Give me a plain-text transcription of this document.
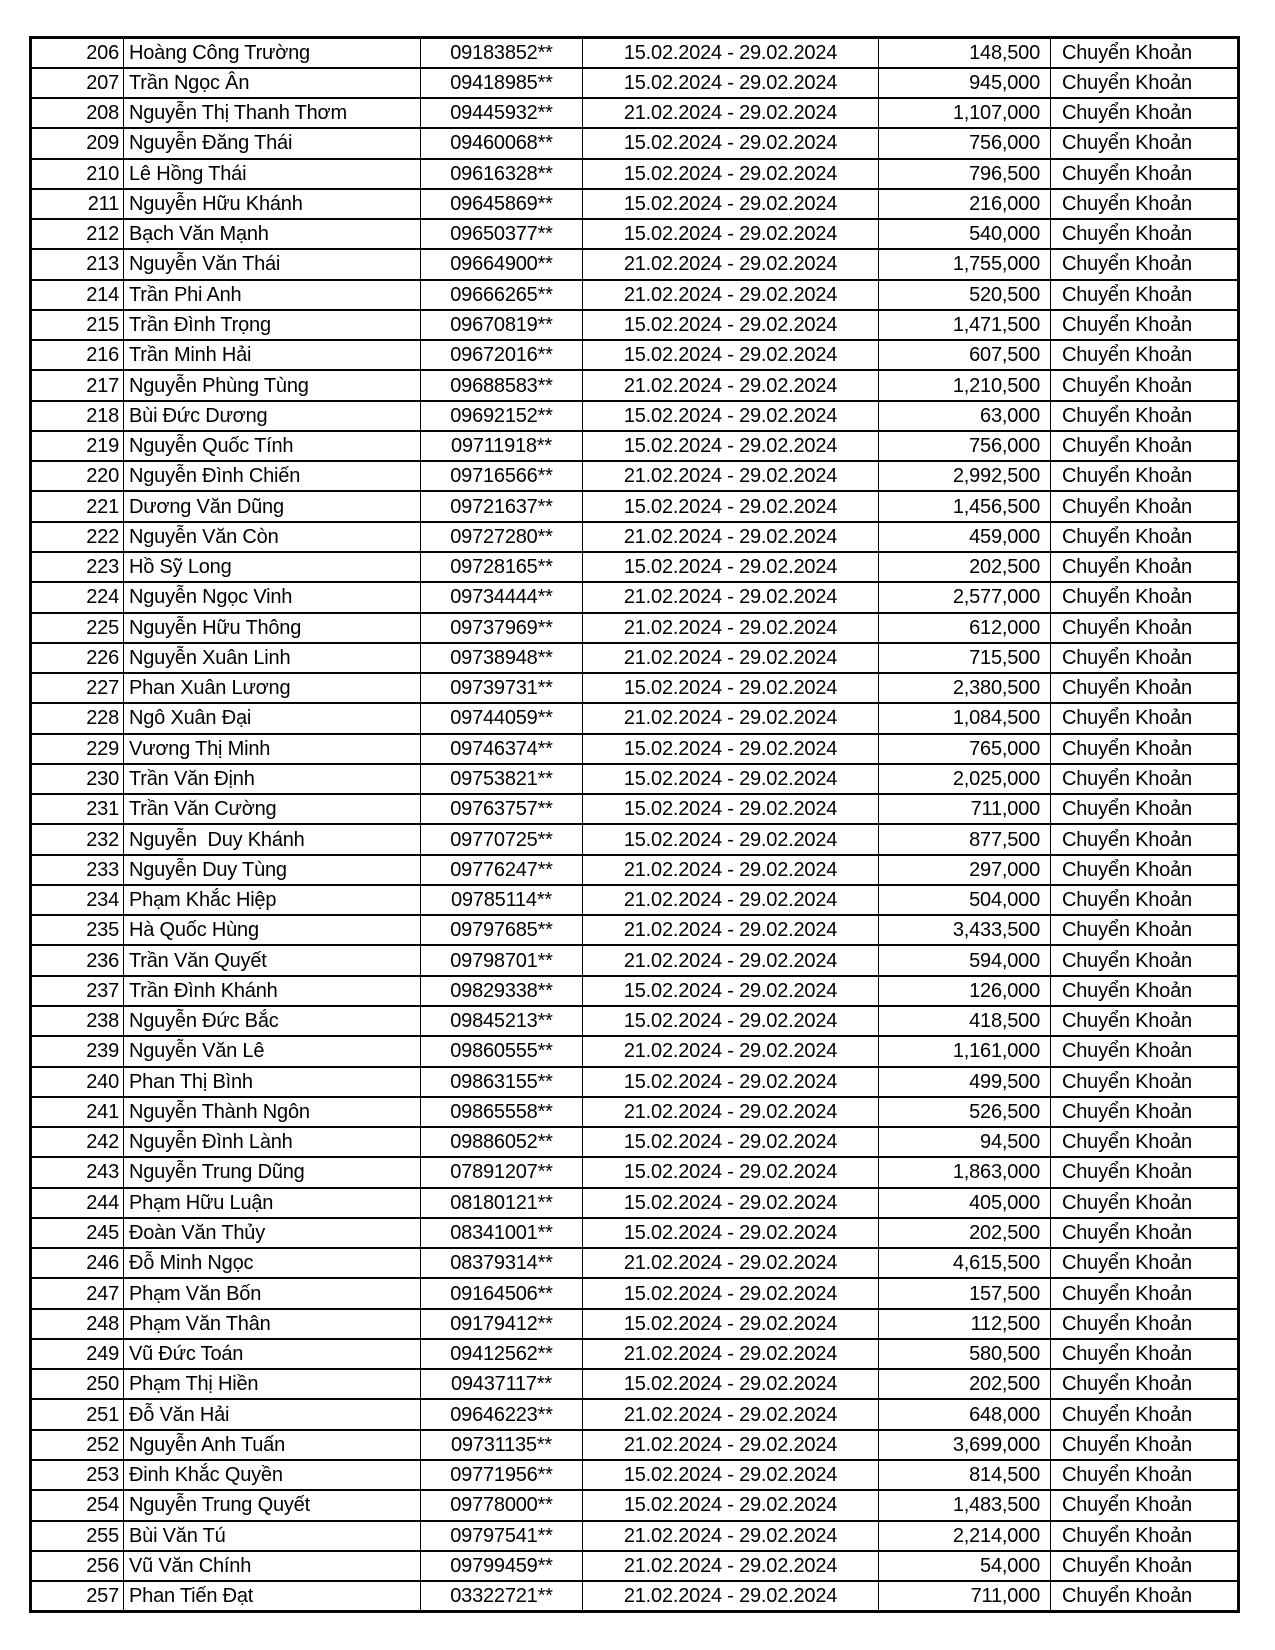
206	Hoàng Công Trường	09183852**	15.02.2024 - 29.02.2024	148,500	Chuyển Khoản
207	Trần Ngọc Ân	09418985**	15.02.2024 - 29.02.2024	945,000	Chuyển Khoản
208	Nguyễn Thị Thanh Thơm	09445932**	21.02.2024 - 29.02.2024	1,107,000	Chuyển Khoản
209	Nguyễn Đăng Thái	09460068**	15.02.2024 - 29.02.2024	756,000	Chuyển Khoản
210	Lê Hồng Thái	09616328**	15.02.2024 - 29.02.2024	796,500	Chuyển Khoản
211	Nguyễn Hữu Khánh	09645869**	15.02.2024 - 29.02.2024	216,000	Chuyển Khoản
212	Bạch Văn Mạnh	09650377**	15.02.2024 - 29.02.2024	540,000	Chuyển Khoản
213	Nguyễn Văn Thái	09664900**	21.02.2024 - 29.02.2024	1,755,000	Chuyển Khoản
214	Trần Phi Anh	09666265**	21.02.2024 - 29.02.2024	520,500	Chuyển Khoản
215	Trần Đình Trọng	09670819**	15.02.2024 - 29.02.2024	1,471,500	Chuyển Khoản
216	Trần Minh Hải	09672016**	15.02.2024 - 29.02.2024	607,500	Chuyển Khoản
217	Nguyễn Phùng Tùng	09688583**	21.02.2024 - 29.02.2024	1,210,500	Chuyển Khoản
218	Bùi Đức Dương	09692152**	15.02.2024 - 29.02.2024	63,000	Chuyển Khoản
219	Nguyễn Quốc Tính	09711918**	15.02.2024 - 29.02.2024	756,000	Chuyển Khoản
220	Nguyễn Đình Chiến	09716566**	21.02.2024 - 29.02.2024	2,992,500	Chuyển Khoản
221	Dương Văn Dũng	09721637**	15.02.2024 - 29.02.2024	1,456,500	Chuyển Khoản
222	Nguyễn Văn Còn	09727280**	21.02.2024 - 29.02.2024	459,000	Chuyển Khoản
223	Hồ Sỹ Long	09728165**	15.02.2024 - 29.02.2024	202,500	Chuyển Khoản
224	Nguyễn Ngọc Vinh	09734444**	21.02.2024 - 29.02.2024	2,577,000	Chuyển Khoản
225	Nguyễn Hữu Thông	09737969**	21.02.2024 - 29.02.2024	612,000	Chuyển Khoản
226	Nguyễn Xuân Linh	09738948**	21.02.2024 - 29.02.2024	715,500	Chuyển Khoản
227	Phan Xuân Lương	09739731**	15.02.2024 - 29.02.2024	2,380,500	Chuyển Khoản
228	Ngô Xuân Đại	09744059**	21.02.2024 - 29.02.2024	1,084,500	Chuyển Khoản
229	Vương Thị Minh	09746374**	15.02.2024 - 29.02.2024	765,000	Chuyển Khoản
230	Trần Văn Định	09753821**	15.02.2024 - 29.02.2024	2,025,000	Chuyển Khoản
231	Trần Văn Cường	09763757**	15.02.2024 - 29.02.2024	711,000	Chuyển Khoản
232	Nguyễn  Duy Khánh	09770725**	15.02.2024 - 29.02.2024	877,500	Chuyển Khoản
233	Nguyễn Duy Tùng	09776247**	21.02.2024 - 29.02.2024	297,000	Chuyển Khoản
234	Phạm Khắc Hiệp	09785114**	21.02.2024 - 29.02.2024	504,000	Chuyển Khoản
235	Hà Quốc Hùng	09797685**	21.02.2024 - 29.02.2024	3,433,500	Chuyển Khoản
236	Trần Văn Quyết	09798701**	21.02.2024 - 29.02.2024	594,000	Chuyển Khoản
237	Trần Đình Khánh	09829338**	15.02.2024 - 29.02.2024	126,000	Chuyển Khoản
238	Nguyễn Đức Bắc	09845213**	15.02.2024 - 29.02.2024	418,500	Chuyển Khoản
239	Nguyễn Văn Lê	09860555**	21.02.2024 - 29.02.2024	1,161,000	Chuyển Khoản
240	Phan Thị Bình	09863155**	15.02.2024 - 29.02.2024	499,500	Chuyển Khoản
241	Nguyễn Thành Ngôn	09865558**	21.02.2024 - 29.02.2024	526,500	Chuyển Khoản
242	Nguyễn Đình Lành	09886052**	15.02.2024 - 29.02.2024	94,500	Chuyển Khoản
243	Nguyễn Trung Dũng	07891207**	15.02.2024 - 29.02.2024	1,863,000	Chuyển Khoản
244	Phạm Hữu Luận	08180121**	15.02.2024 - 29.02.2024	405,000	Chuyển Khoản
245	Đoàn Văn Thủy	08341001**	15.02.2024 - 29.02.2024	202,500	Chuyển Khoản
246	Đỗ Minh Ngọc	08379314**	21.02.2024 - 29.02.2024	4,615,500	Chuyển Khoản
247	Phạm Văn Bốn	09164506**	15.02.2024 - 29.02.2024	157,500	Chuyển Khoản
248	Phạm Văn Thân	09179412**	15.02.2024 - 29.02.2024	112,500	Chuyển Khoản
249	Vũ Đức Toán	09412562**	21.02.2024 - 29.02.2024	580,500	Chuyển Khoản
250	Phạm Thị Hiền	09437117**	15.02.2024 - 29.02.2024	202,500	Chuyển Khoản
251	Đỗ Văn Hải	09646223**	21.02.2024 - 29.02.2024	648,000	Chuyển Khoản
252	Nguyễn Anh Tuấn	09731135**	21.02.2024 - 29.02.2024	3,699,000	Chuyển Khoản
253	Đinh Khắc Quyền	09771956**	15.02.2024 - 29.02.2024	814,500	Chuyển Khoản
254	Nguyễn Trung Quyết	09778000**	15.02.2024 - 29.02.2024	1,483,500	Chuyển Khoản
255	Bùi Văn Tú	09797541**	21.02.2024 - 29.02.2024	2,214,000	Chuyển Khoản
256	Vũ Văn Chính	09799459**	21.02.2024 - 29.02.2024	54,000	Chuyển Khoản
257	Phan Tiến Đạt	03322721**	21.02.2024 - 29.02.2024	711,000	Chuyển Khoản
